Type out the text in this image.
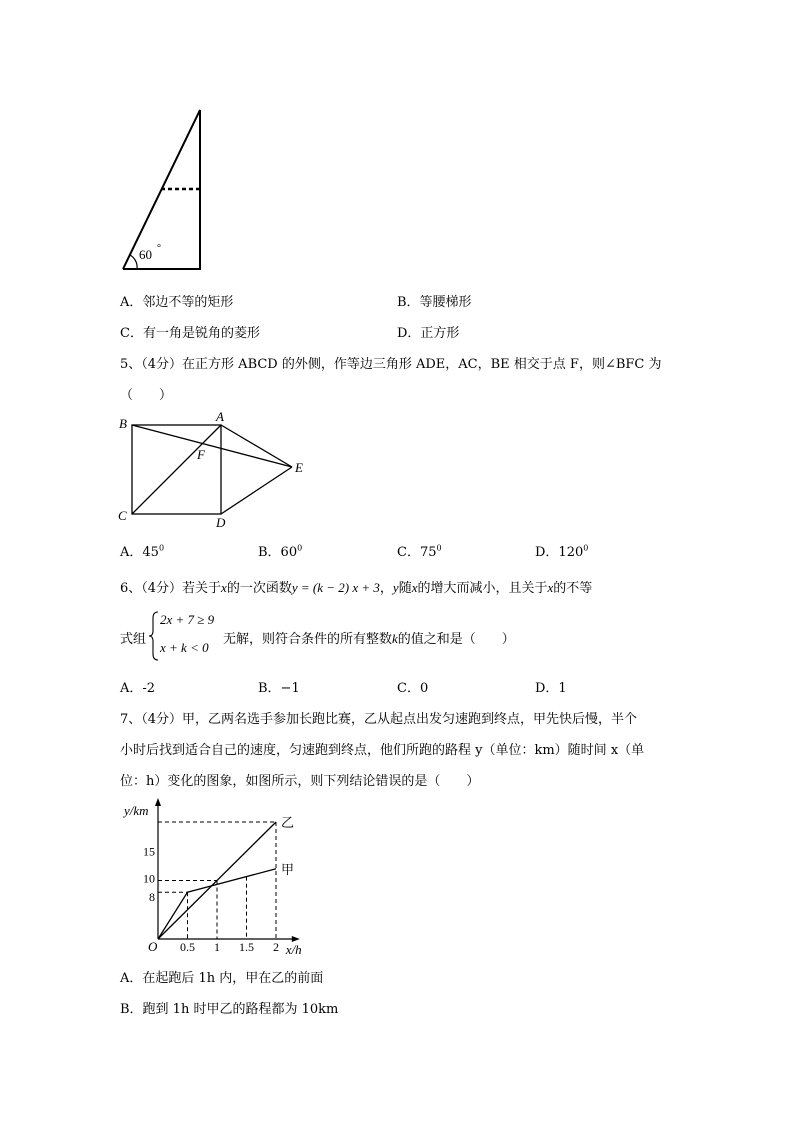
60 °
A．邻边不等的矩形	B．等腰梯形
C．有一角是锐角的菱形	D．正方形
5、（4分）在正方形 ABCD 的外侧，作等边三角形 ADE，AC，BE 相交于点 F，则∠BFC 为
（　　）
B	A
F
E
C	D
A．$45^0$	B．$60^0$	C．$75^0$	D．$120^0$
6、（4分）若关于x的一次函数y = (k − 2) x + 3，y随x的增大而减小，且关于x的不等
式组
2x + 7 ≥ 9
x + k < 0
无解，则符合条件的所有整数k的值之和是（　　）
A．-2	B．−1	C．0	D．1
7、（4分）甲，乙两名选手参加长跑比赛，乙从起点出发匀速跑到终点，甲先快后慢，半个
小时后找到适合自己的速度，匀速跑到终点，他们所跑的路程 y（单位：km）随时间 x（单
位：h）变化的图象，如图所示，则下列结论错误的是（　　）
y/km
x/h
O
甲
乙
0.5 1 1.5 2
8
10
15
A．在起跑后 1h 内，甲在乙的前面
B．跑到 1h 时甲乙的路程都为 10km
